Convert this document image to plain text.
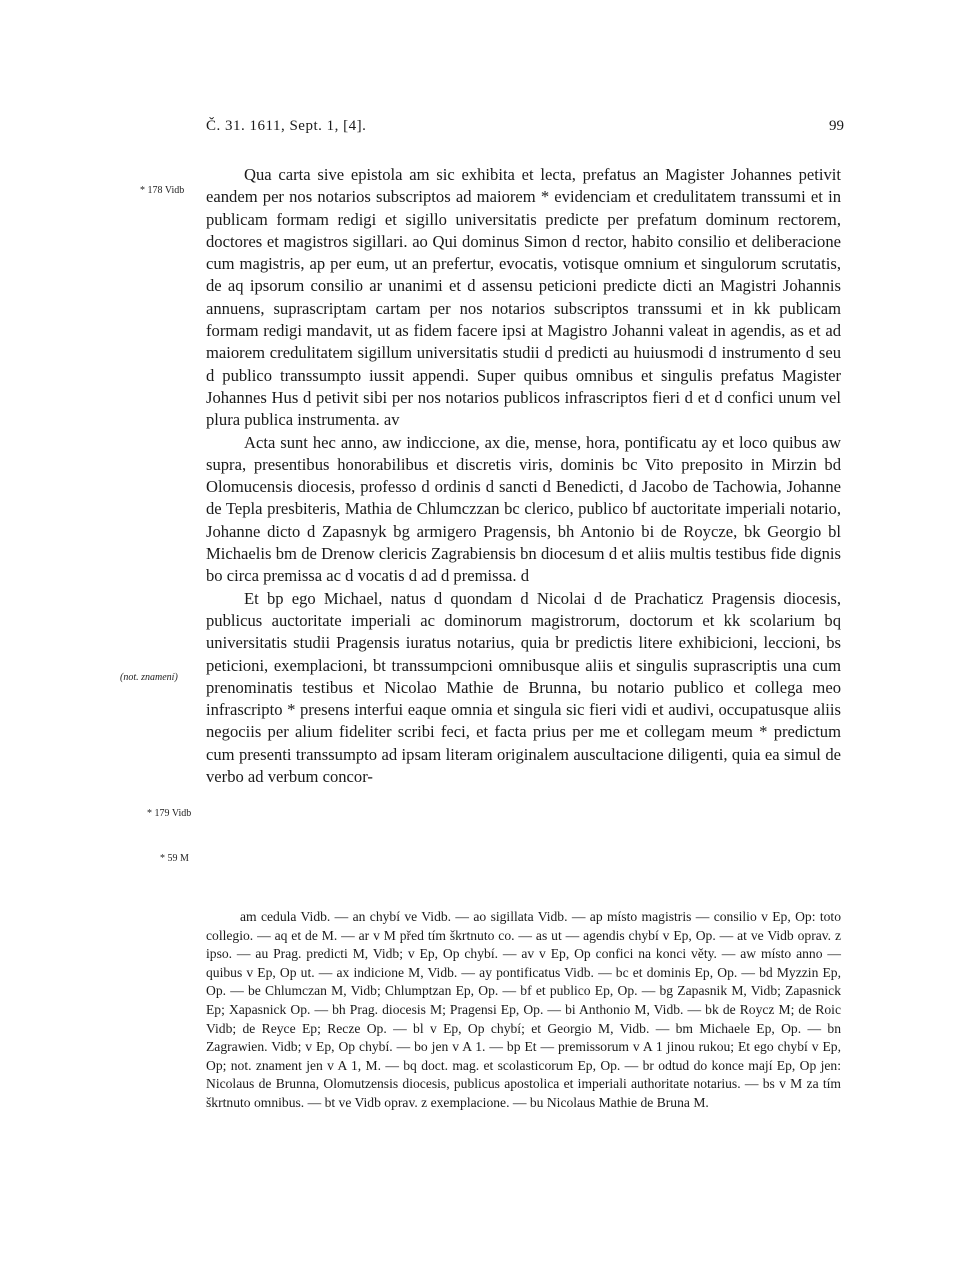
Č. 31. 1611, Sept. 1, [4].	99
* 178 Vidb
(not. znamení)
* 179 Vidb
* 59 M

Qua carta sive epistola am sic exhibita et lecta, prefatus an Magister Johannes petivit eandem per nos notarios subscriptos ad maiorem * evidenciam et credulitatem transsumi et in publicam formam redigi et sigillo universitatis predicte per prefatum dominum rectorem, doctores et magistros sigillari. ao Qui dominus Simon d rector, habito consilio et deliberacione cum magistris, ap per eum, ut an prefertur, evocatis, votisque omnium et singulorum scrutatis, de aq ipsorum consilio ar unanimi et d assensu peticioni predicte dicti an Magistri Johannis annuens, suprascriptam cartam per nos notarios subscriptos transsumi et in kk publicam formam redigi mandavit, ut as fidem facere ipsi at Magistro Johanni valeat in agendis, as et ad maiorem credulitatem sigillum universitatis studii d predicti au huiusmodi d instrumento d seu d publico transsumpto iussit appendi. Super quibus omnibus et singulis prefatus Magister Johannes Hus d petivit sibi per nos notarios publicos infrascriptos fieri d et d confici unum vel plura publica instrumenta. av

Acta sunt hec anno, aw indiccione, ax die, mense, hora, pontificatu ay et loco quibus aw supra, presentibus honorabilibus et discretis viris, dominis bc Vito preposito in Mirzin bd Olomucensis diocesis, professo d ordinis d sancti d Benedicti, d Jacobo de Tachowia, Johanne de Tepla presbiteris, Mathia de Chlumczzan bc clerico, publico bf auctoritate imperiali notario, Johanne dicto d Zapasnyk bg armigero Pragensis, bh Antonio bi de Roycze, bk Georgio bl Michaelis bm de Drenow clericis Zagrabiensis bn diocesum d et aliis multis testibus fide dignis bo circa premissa ac d vocatis d ad d premissa. d

Et bp ego Michael, natus d quondam d Nicolai d de Prachaticz Pragensis diocesis, publicus auctoritate imperiali ac dominorum magistrorum, doctorum et kk scolarium bq universitatis studii Pragensis iuratus notarius, quia br predictis litere exhibicioni, leccioni, bs peticioni, exemplacioni, bt transsumpcioni omnibusque aliis et singulis suprascriptis una cum prenominatis testibus et Nicolao Mathie de Brunna, bu notario publico et collega meo infrascripto * presens interfui eaque omnia et singula sic fieri vidi et audivi, occupatusque aliis negociis per alium fideliter scribi feci, et facta prius per me et collegam meum * predictum cum presenti transsumpto ad ipsam literam originalem auscultacione diligenti, quia ea simul de verbo ad verbum concor-

am cedula Vidb. — an chybí ve Vidb. — ao sigillata Vidb. — ap místo magistris — consilio v Ep, Op: toto collegio. — aq et de M. — ar v M před tím škrtnuto co. — as ut — agendis chybí v Ep, Op. — at ve Vidb oprav. z ipso. — au Prag. predicti M, Vidb; v Ep, Op chybí. — av v Ep, Op confici na konci věty. — aw místo anno — quibus v Ep, Op ut. — ax indicione M, Vidb. — ay pontificatus Vidb. — bc et dominis Ep, Op. — bd Myzzin Ep, Op. — be Chlumczan M, Vidb; Chlumptzan Ep, Op. — bf et publico Ep, Op. — bg Zapasnik M, Vidb; Zapasnick Ep; Xapasnick Op. — bh Prag. diocesis M; Pragensi Ep, Op. — bi Anthonio M, Vidb. — bk de Roycz M; de Roic Vidb; de Reyce Ep; Recze Op. — bl v Ep, Op chybí; et Georgio M, Vidb. — bm Michaele Ep, Op. — bn Zagrawien. Vidb; v Ep, Op chybí. — bo jen v A 1. — bp Et — premissorum v A 1 jinou rukou; Et ego chybí v Ep, Op; not. znament jen v A 1, M. — bq doct. mag. et scolasticorum Ep, Op. — br odtud do konce mají Ep, Op jen: Nicolaus de Brunna, Olomutzensis diocesis, publicus apostolica et imperiali authoritate notarius. — bs v M za tím škrtnuto omnibus. — bt ve Vidb oprav. z exemplacione. — bu Nicolaus Mathie de Bruna M.
